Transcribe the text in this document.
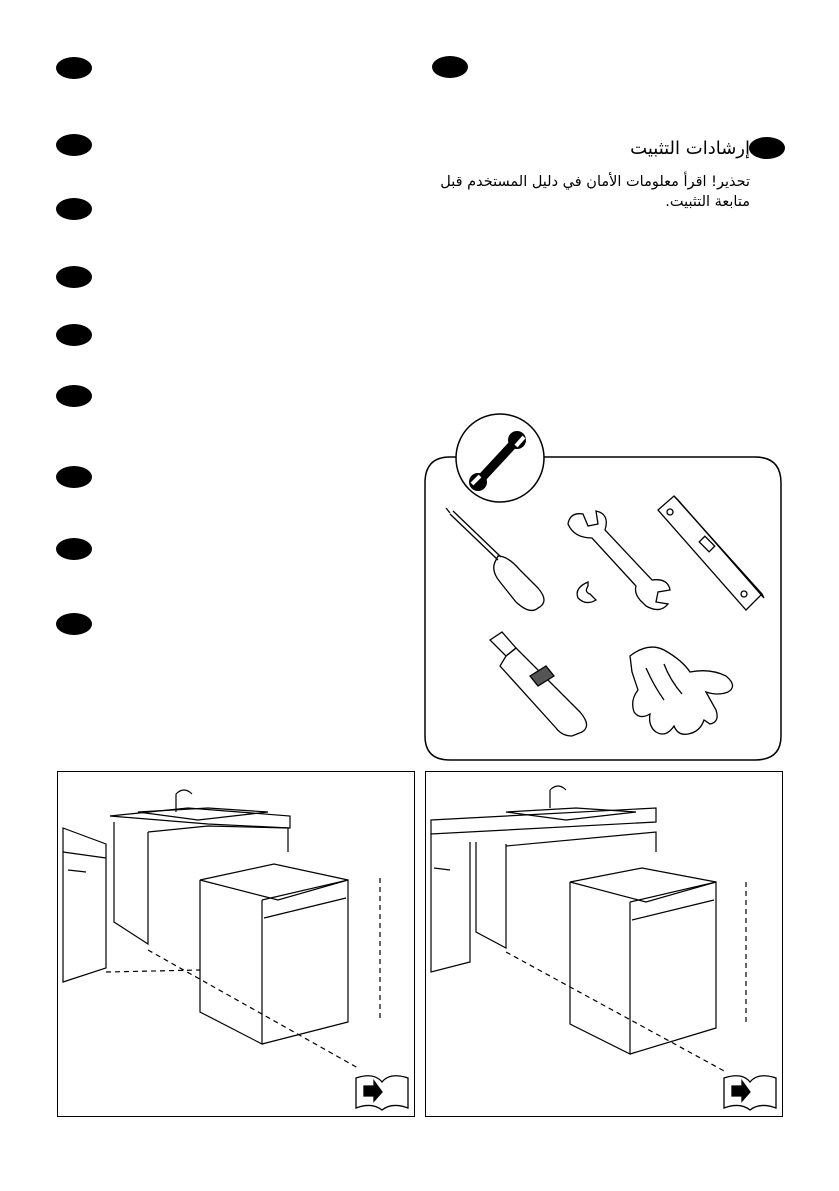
إرشادات التثبيت
تحذير! اقرأ معلومات الأمان في دليل المستخدم قبل
متابعة التثبيت.
